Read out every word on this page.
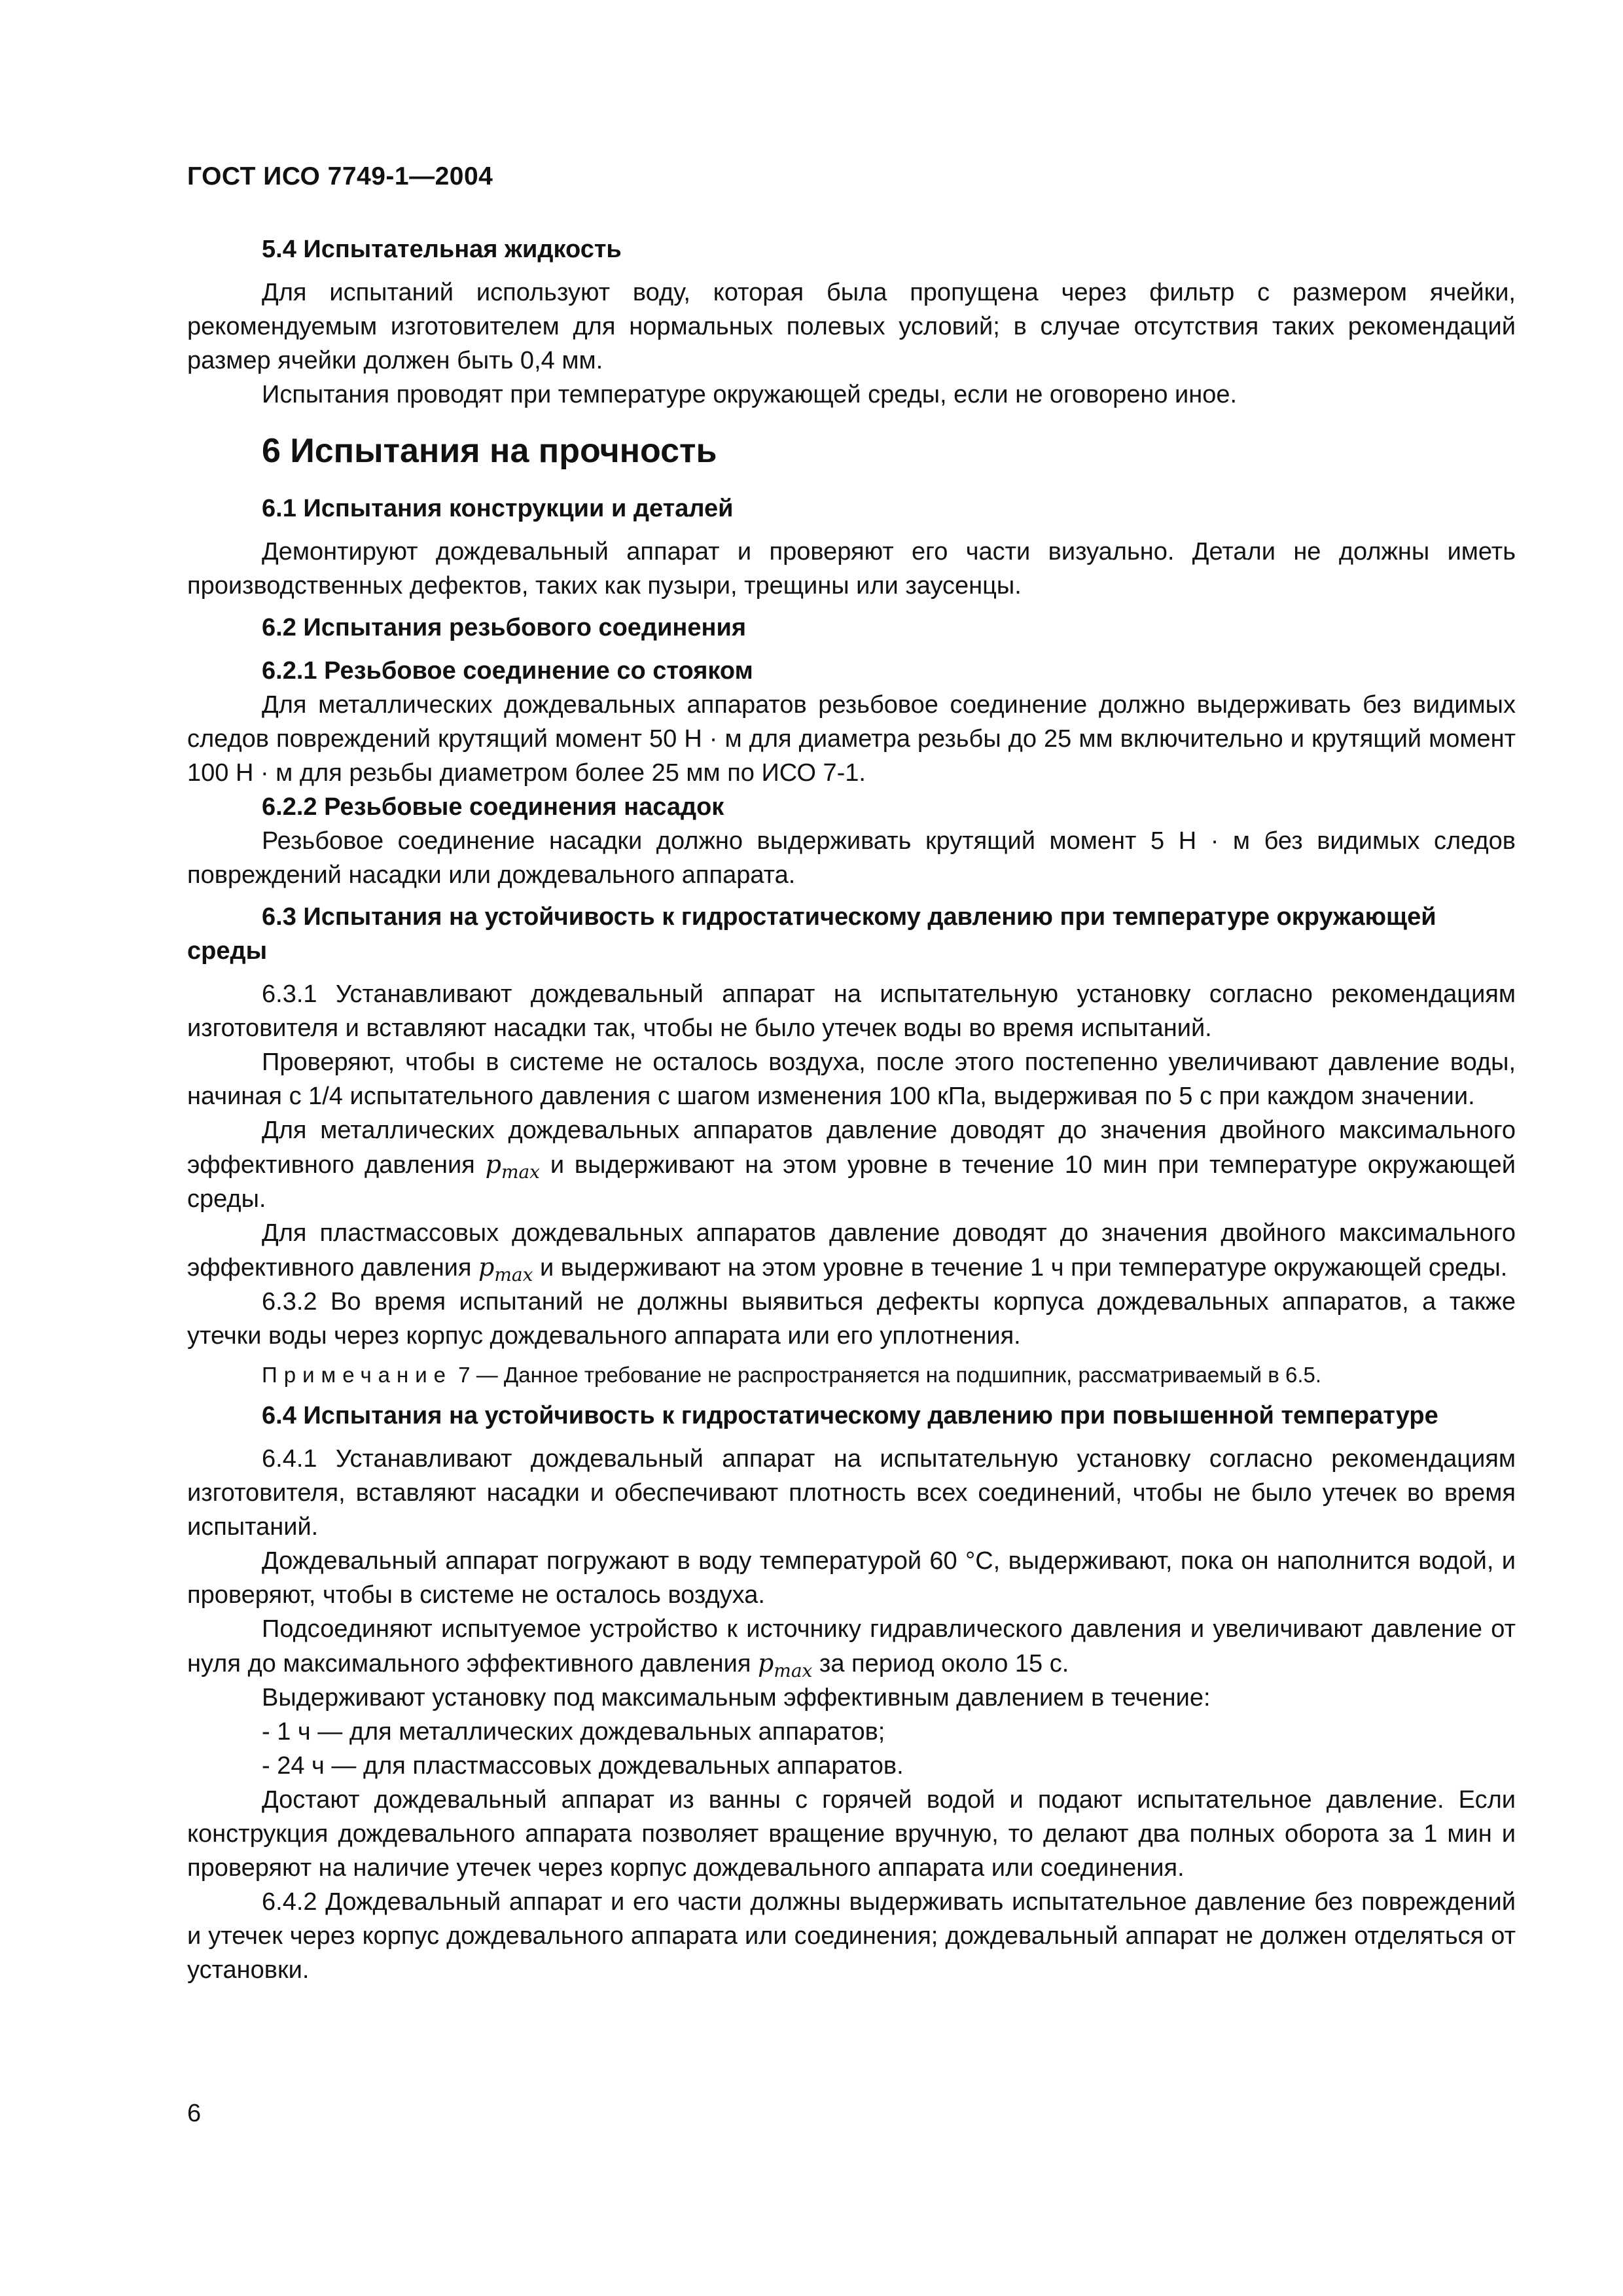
ГОСТ ИСО 7749-1—2004
5.4 Испытательная жидкость

Для испытаний используют воду, которая была пропущена через фильтр с размером ячейки, рекомендуемым изготовителем для нормальных полевых условий; в случае отсутствия таких рекомендаций размер ячейки должен быть 0,4 мм.

Испытания проводят при температуре окружающей среды, если не оговорено иное.

6 Испытания на прочность
6.1 Испытания конструкции и деталей

Демонтируют дождевальный аппарат и проверяют его части визуально. Детали не должны иметь производственных дефектов, таких как пузыри, трещины или заусенцы.

6.2 Испытания резьбового соединения
6.2.1 Резьбовое соединение со стояком

Для металлических дождевальных аппаратов резьбовое соединение должно выдерживать без видимых следов повреждений крутящий момент 50 Н · м для диаметра резьбы до 25 мм включительно и крутящий момент 100 Н · м для резьбы диаметром более 25 мм по ИСО 7-1.

6.2.2 Резьбовые соединения насадок

Резьбовое соединение насадки должно выдерживать крутящий момент 5 Н · м без видимых следов повреждений насадки или дождевального аппарата.

6.3 Испытания на устойчивость к гидростатическому давлению при температуре окружающей среды

6.3.1 Устанавливают дождевальный аппарат на испытательную установку согласно рекомендациям изготовителя и вставляют насадки так, чтобы не было утечек воды во время испытаний.

Проверяют, чтобы в системе не осталось воздуха, после этого постепенно увеличивают давление воды, начиная с 1/4 испытательного давления с шагом изменения 100 кПа, выдерживая по 5 с при каждом значении.

Для металлических дождевальных аппаратов давление доводят до значения двойного максимального эффективного давления $p_{max}$ и выдерживают на этом уровне в течение 10 мин при температуре окружающей среды.

Для пластмассовых дождевальных аппаратов давление доводят до значения двойного максимального эффективного давления $p_{max}$ и выдерживают на этом уровне в течение 1 ч при температуре окружающей среды.

6.3.2 Во время испытаний не должны выявиться дефекты корпуса дождевальных аппаратов, а также утечки воды через корпус дождевального аппарата или его уплотнения.

Примечание 7 — Данное требование не распространяется на подшипник, рассматриваемый в 6.5.
6.4 Испытания на устойчивость к гидростатическому давлению при повышенной температуре

6.4.1 Устанавливают дождевальный аппарат на испытательную установку согласно рекомендациям изготовителя, вставляют насадки и обеспечивают плотность всех соединений, чтобы не было утечек во время испытаний.

Дождевальный аппарат погружают в воду температурой 60 °С, выдерживают, пока он наполнится водой, и проверяют, чтобы в системе не осталось воздуха.

Подсоединяют испытуемое устройство к источнику гидравлического давления и увеличивают давление от нуля до максимального эффективного давления $p_{max}$ за период около 15 с.

Выдерживают установку под максимальным эффективным давлением в течение:

- 1 ч — для металлических дождевальных аппаратов;
- 24 ч — для пластмассовых дождевальных аппаратов.

Достают дождевальный аппарат из ванны с горячей водой и подают испытательное давление. Если конструкция дождевального аппарата позволяет вращение вручную, то делают два полных оборота за 1 мин и проверяют на наличие утечек через корпус дождевального аппарата или соединения.

6.4.2 Дождевальный аппарат и его части должны выдерживать испытательное давление без повреждений и утечек через корпус дождевального аппарата или соединения; дождевальный аппарат не должен отделяться от установки.

6
